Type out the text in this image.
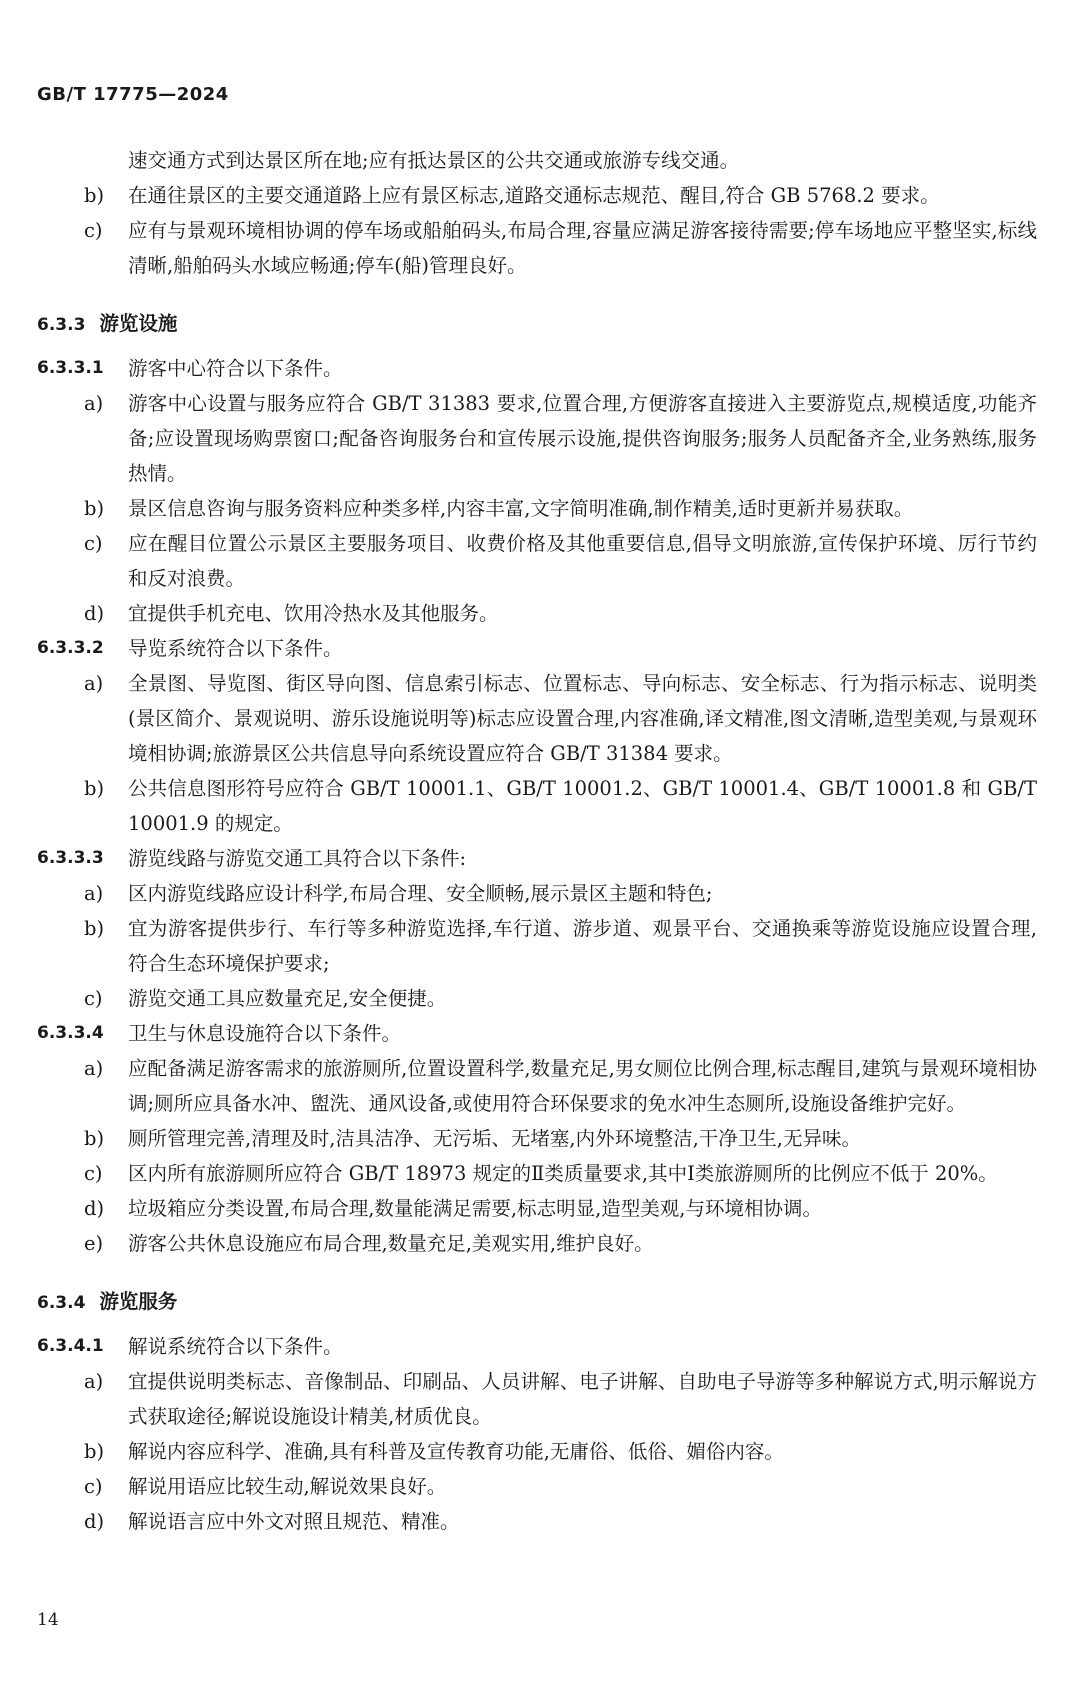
GB/T 17775—2024
速交通方式到达景区所在地;应有抵达景区的公共交通或旅游专线交通。
b) 在通往景区的主要交通道路上应有景区标志,道路交通标志规范、醒目,符合 GB 5768.2 要求。
c) 应有与景观环境相协调的停车场或船舶码头,布局合理,容量应满足游客接待需要;停车场地应平整坚实,标线清晰,船舶码头水域应畅通;停车(船)管理良好。
6.3.3 游览设施
6.3.3.1 游客中心符合以下条件。
a) 游客中心设置与服务应符合 GB/T 31383 要求,位置合理,方便游客直接进入主要游览点,规模适度,功能齐备;应设置现场购票窗口;配备咨询服务台和宣传展示设施,提供咨询服务;服务人员配备齐全,业务熟练,服务热情。
b) 景区信息咨询与服务资料应种类多样,内容丰富,文字简明准确,制作精美,适时更新并易获取。
c) 应在醒目位置公示景区主要服务项目、收费价格及其他重要信息,倡导文明旅游,宣传保护环境、厉行节约和反对浪费。
d) 宜提供手机充电、饮用冷热水及其他服务。
6.3.3.2 导览系统符合以下条件。
a) 全景图、导览图、街区导向图、信息索引标志、位置标志、导向标志、安全标志、行为指示标志、说明类(景区简介、景观说明、游乐设施说明等)标志应设置合理,内容准确,译文精准,图文清晰,造型美观,与景观环境相协调;旅游景区公共信息导向系统设置应符合 GB/T 31384 要求。
b) 公共信息图形符号应符合 GB/T 10001.1、GB/T 10001.2、GB/T 10001.4、GB/T 10001.8 和 GB/T 10001.9 的规定。
6.3.3.3 游览线路与游览交通工具符合以下条件:
a) 区内游览线路应设计科学,布局合理、安全顺畅,展示景区主题和特色;
b) 宜为游客提供步行、车行等多种游览选择,车行道、游步道、观景平台、交通换乘等游览设施应设置合理,符合生态环境保护要求;
c) 游览交通工具应数量充足,安全便捷。
6.3.3.4 卫生与休息设施符合以下条件。
a) 应配备满足游客需求的旅游厕所,位置设置科学,数量充足,男女厕位比例合理,标志醒目,建筑与景观环境相协调;厕所应具备水冲、盥洗、通风设备,或使用符合环保要求的免水冲生态厕所,设施设备维护完好。
b) 厕所管理完善,清理及时,洁具洁净、无污垢、无堵塞,内外环境整洁,干净卫生,无异味。
c) 区内所有旅游厕所应符合 GB/T 18973 规定的Ⅱ类质量要求,其中Ⅰ类旅游厕所的比例应不低于 20%。
d) 垃圾箱应分类设置,布局合理,数量能满足需要,标志明显,造型美观,与环境相协调。
e) 游客公共休息设施应布局合理,数量充足,美观实用,维护良好。
6.3.4 游览服务
6.3.4.1 解说系统符合以下条件。
a) 宜提供说明类标志、音像制品、印刷品、人员讲解、电子讲解、自助电子导游等多种解说方式,明示解说方式获取途径;解说设施设计精美,材质优良。
b) 解说内容应科学、准确,具有科普及宣传教育功能,无庸俗、低俗、媚俗内容。
c) 解说用语应比较生动,解说效果良好。
d) 解说语言应中外文对照且规范、精准。
14
